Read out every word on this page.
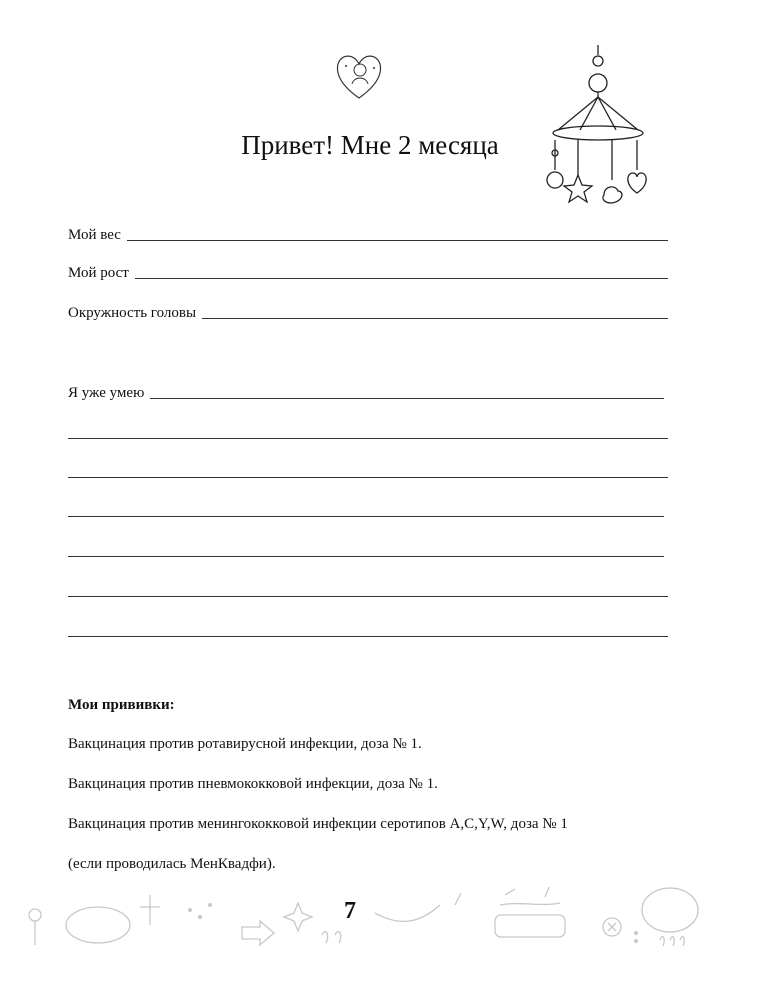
Привет! Мне 2 месяца
Мой вес
Мой рост
Окружность головы
Я уже умею
Мои прививки:
Вакцинация против ротавирусной инфекции, доза № 1.
Вакцинация против пневмококковой инфекции, доза № 1.
Вакцинация против менингококковой инфекции серотипов A,C,Y,W, доза № 1
(если проводилась МенКвадфи).
7
